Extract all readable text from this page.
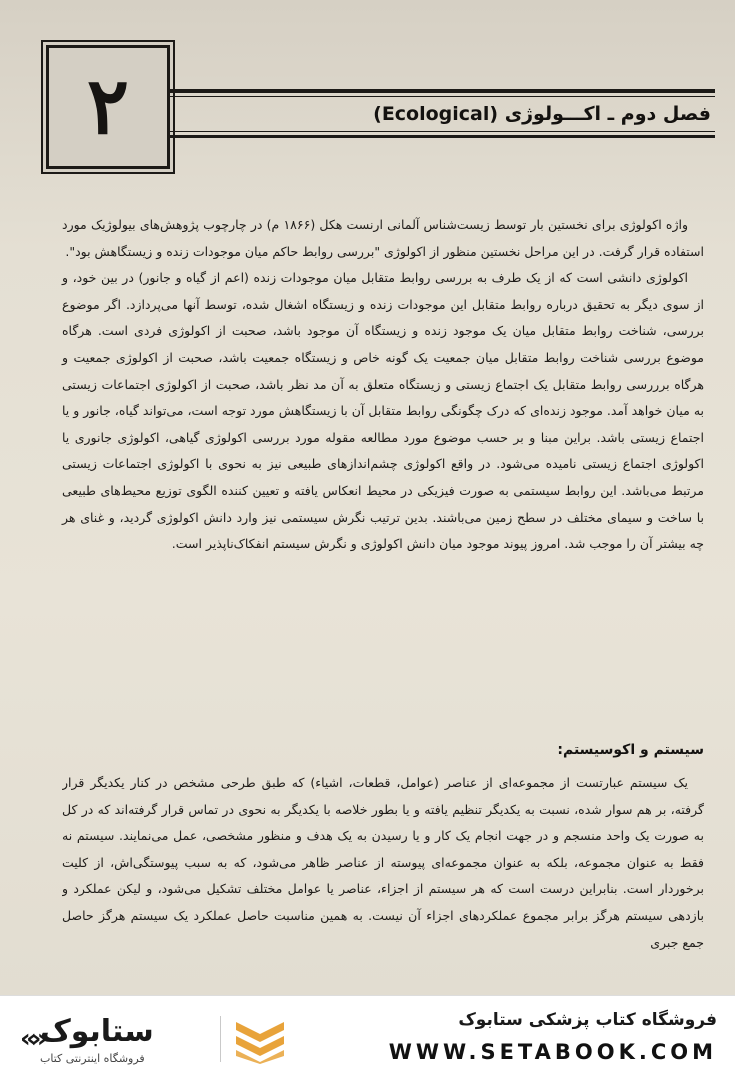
۲	فصل دوم ـ اکـــولوژی (Ecological)

واژه اکولوژی برای نخستین بار توسط زیست‌شناس آلمانی ارنست هکل (۱۸۶۶ م) در چارچوب پژوهش‌های بیولوژیک مورد استفاده قرار گرفت. در این مراحل نخستین منظور از اکولوژی "بررسی روابط حاکم میان موجودات زنده و زیستگاهش بود".

اکولوژی دانشی است که از یک طرف به بررسی روابط متقابل میان موجودات زنده (اعم از گیاه و جانور) در بین خود، و از سوی دیگر به تحقیق درباره روابط متقابل این موجودات زنده و زیستگاه اشغال شده، توسط آنها می‌پردازد. اگر موضوع بررسی، شناخت روابط متقابل میان یک موجود زنده و زیستگاه آن موجود باشد، صحبت از اکولوژی فردی است. هرگاه موضوع بررسی شناخت روابط متقابل میان جمعیت یک گونه خاص و زیستگاه جمعیت باشد، صحبت از اکولوژی جمعیت و هرگاه برررسی روابط متقابل یک اجتماع زیستی و زیستگاه متعلق به آن مد نظر باشد، صحبت از اکولوژی اجتماعات زیستی به میان خواهد آمد. موجود زنده‌ای که درک چگونگی روابط متقابل آن با زیستگاهش مورد توجه است، می‌تواند گیاه، جانور و یا اجتماع زیستی باشد. براین مبنا و بر حسب موضوع مورد مطالعه مقوله مورد بررسی اکولوژی گیاهی، اکولوژی جانوری یا اکولوژی اجتماع زیستی نامیده می‌شود. در واقع اکولوژی چشم‌اندازهای طبیعی نیز به نحوی با اکولوژی اجتماعات زیستی مرتبط می‌باشد. این روابط سیستمی به صورت فیزیکی در محیط انعکاس یافته و تعیین کننده الگوی توزیع محیط‌های طبیعی با ساخت و سیمای مختلف در سطح زمین می‌باشند. بدین ترتیب نگرش سیستمی نیز وارد دانش اکولوژی گردید، و غنای هر چه بیشتر آن را موجب شد. امروز پیوند موجود میان دانش اکولوژی و نگرش سیستم انفکاک‌ناپذیر است.

سیستم و اکوسیستم:

یک سیستم عبارتست از مجموعه‌ای از عناصر (عوامل، قطعات، اشیاء) که طبق طرحی مشخص در کنار یکدیگر قرار گرفته، بر هم سوار شده، نسبت به یکدیگر تنظیم یافته و یا بطور خلاصه با یکدیگر به نحوی در تماس قرار گرفته‌اند که در کل به صورت یک واحد منسجم و در جهت انجام یک کار و یا رسیدن به یک هدف و منظور مشخصی، عمل می‌نمایند. سیستم نه فقط به عنوان مجموعه، بلکه به عنوان مجموعه‌ای پیوسته از عناصر ظاهر می‌شود، که به سبب پیوستگی‌اش، از کلیت برخوردار است. بنابراین درست است که هر سیستم از اجزاء، عناصر یا عوامل مختلف تشکیل می‌شود، و لیکن عملکرد و بازدهی سیستم هرگز برابر مجموع عملکردهای اجزاء آن نیست. به همین مناسبت حاصل عملکرد یک سیستم هرگز حاصل جمع جبری

«»
ستابوک
فروشگاه اینترنتی کتاب
فروشگاه کتاب پزشکی ستابوک
WWW.SETABOOK.COM
